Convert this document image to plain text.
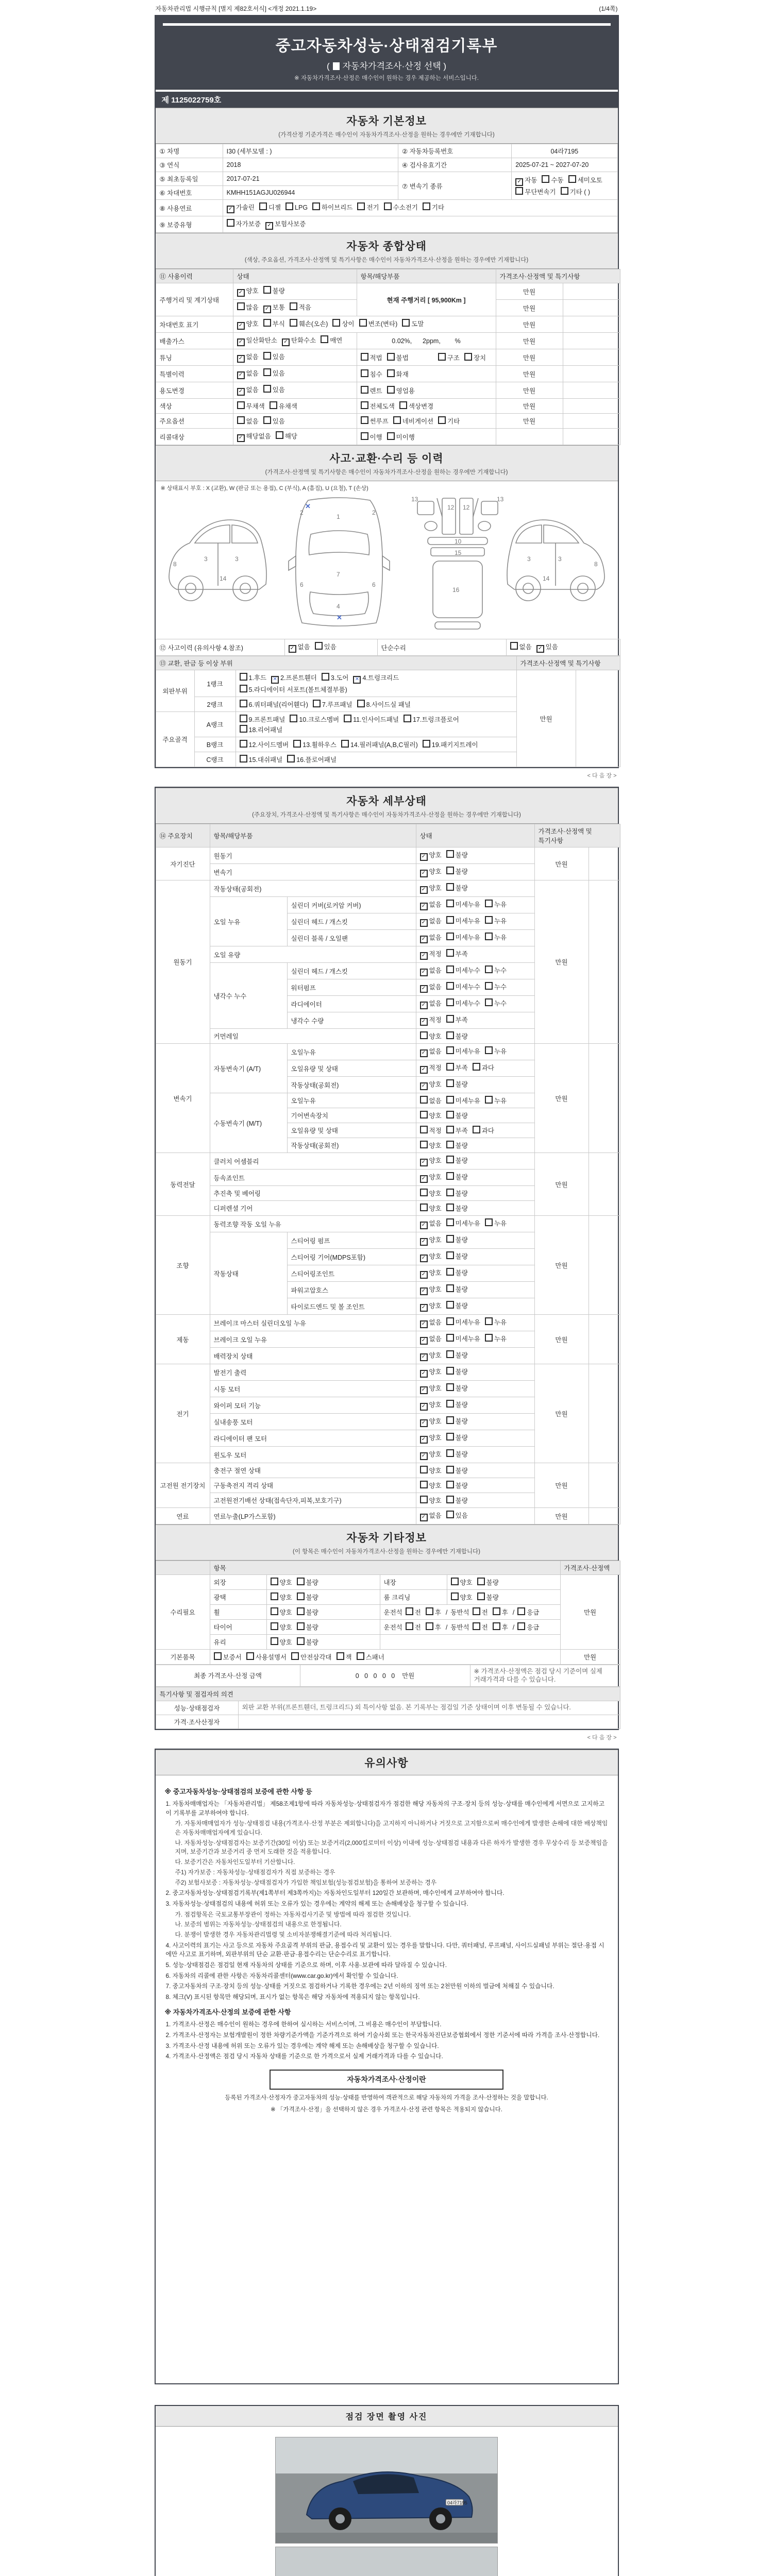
자동차관리법 시행규칙 [별지 제82호서식] <개정 2021.1.19>	(1/4쪽)
중고자동차성능·상태점검기록부
( 자동차가격조사·산정 선택 )
※ 자동차가격조사·산정은 매수인이 원하는 경우 제공하는 서비스입니다.
제 1125022759호
자동차 기본정보
(가격산정 기준가격은 매수인이 자동차가격조사·산정을 원하는 경우에만 기재합니다)
① 차명	I30 (세부모델 : )	② 자동차등록번호	04라7195
③ 연식	2018	④ 검사유효기간	2025-07-21 ~ 2027-07-20
⑤ 최초등록일	2017-07-21	⑦ 변속기 종류	✓자동 수동 세미오토
무단변속기 기타 ( )
⑥ 차대번호	KMHH151AGJU026944		
⑧ 사용연료	✓가솔린 디젤 LPG 하이브리드 전기 수소전기 기타
⑨ 보증유형	자가보증 ✓ 보험사보증
자동차 종합상태
(색상, 주요옵션, 가격조사·산정액 및 특기사항은 매수인이 자동차가격조사·산정을 원하는 경우에만 기재합니다)
⑪ 사용이력	상태	항목/해당부품	가격조사·산정액 및 특기사항	
주행거리 및 계기상태	✓양호 불량	현재 주행거리 [ 95,900Km ]	만원	
	많음 ✓ 보통 적음		만원	
차대번호 표기	✓양호 부식 훼손(오손) 상이 변조(변타) 도말		만원	
배출가스	✓일산화탄소 ✓ 탄화수소 매연	0.02%,      2ppm,        %	만원	
튜닝	✓없음 있음	적법 불법 구조 장치	만원	
특별이력	✓없음 있음	침수 화재	만원	
용도변경	✓없음 있음	렌트 영업용	만원	
색상	무채색 유채색	전체도색 색상변경	만원	
주요옵션	없음 있음	썬루프 네비게이션 기타	만원	
리콜대상	✓해당없음 해당	이행 미이행		
사고·교환·수리 등 이력
(가격조사·산정액 및 특기사항은 매수인이 자동차가격조사·산정을 원하는 경우에만 기재합니다)
※ 상태표시 부호 : X (교환), W (판금 또는 용접), C (부식), A (흠집), U (요철), T (손상)
8
3	3
14
1
7
4
2	2
6	6
✕
✕
13	13
12 12
10
15
16
8
3
3
14
⑫ 사고이력 (유의사항 4.참조)	✓없음 있음	단순수리	없음 ✓ 있음
⑬ 교환, 판금 등 이상 부위			가격조사·산정액 및 특기사항	
외판부위	1랭크	1.후드 ✕ 2.프론트휀더 3.도어 ✕ 4.트렁크리드
5.라디에이터 서포트(볼트체결부품)	만원	
	2랭크	6.쿼터패널(리어휀다) 7.루프패널 8.사이드실 패널		
주요골격	A랭크	9.프론트패널 10.크로스멤버 11.인사이드패널 17.트렁크플로어
18.리어패널		
	B랭크	12.사이드멤버 13.휠하우스 14.필러패널(A,B,C필러) 19.패키지트레이		
	C랭크	15.대쉬패널 16.플로어패널		
< 다 음 장 >
자동차 세부상태
(주요장치, 가격조사·산정액 및 특기사항은 매수인이 자동차가격조사·산정을 원하는 경우에만 기재합니다)
⑭ 주요장치	항목/해당부품		상태	가격조사·산정액 및 특기사항	
자기진단	원동기	✓양호 불량	만원	
	변속기	✓양호 불량
원동기	작동상태(공회전)	✓양호 불량	만원	
	오일 누유	실린더 커버(로커암 커버)	✓없음 미세누유 누유
		실린더 헤드 / 개스킷	✓없음 미세누유 누유
		실린더 블록 / 오일팬	✓없음 미세누유 누유
	오일 유량	✓적정 부족
	냉각수 누수	실린더 헤드 / 개스킷	✓없음 미세누수 누수
		워터펌프	✓없음 미세누수 누수
		라디에이터	✓없음 미세누수 누수
		냉각수 수량	✓적정 부족
	커먼레일		양호 불량		
변속기	자동변속기 (A/T)	오일누유	✓없음 미세누유 누유	만원	
		오일유량 및 상태	✓적정 부족 과다
		작동상태(공회전)	✓양호 불량
	수동변속기 (M/T)	오일누유	없음 미세누유 누유		
		기어변속장치	양호 불량		
		오일유량 및 상태	적정 부족 과다		
		작동상태(공회전)	양호 불량		
동력전달	클러치 어셈블리	✓양호 불량	만원	
	등속죠인트	✓양호 불량
	추진축 및 베어링		양호 불량		
	디퍼렌셜 기어		양호 불량		
조향	동력조향 작동 오일 누유	✓없음 미세누유 누유	만원	
	작동상태	스티어링 펌프	✓양호 불량
		스티어링 기어(MDPS포함)	✓양호 불량
		스티어링조인트	✓양호 불량
		파워고압호스	✓양호 불량
		타이로드엔드 및 볼 조인트	✓양호 불량
제동	브레이크 마스터 실린더오일 누유	✓없음 미세누유 누유	만원	
	브레이크 오일 누유	✓없음 미세누유 누유
	배력장치 상태	✓양호 불량
전기	발전기 출력	✓양호 불량	만원	
	시동 모터	✓양호 불량
	와이퍼 모터 기능	✓양호 불량
	실내송풍 모터	✓양호 불량
	라디에이터 팬 모터	✓양호 불량
	윈도우 모터	✓양호 불량
고전원 전기장치	충전구 절연 상태		양호 불량	만원	
	구동축전지 격리 상태		양호 불량		
	고전원전기배선 상태(접속단자,피복,보호기구)		양호 불량		
연료	연료누출(LP가스포함)	✓없음 있음	만원	
자동차 기타정보
(이 항목은 매수인이 자동차가격조사·산정을 원하는 경우에만 기재합니다)
	항목				가격조사·산정액
수리필요	외장	양호 불량	내장	양호 불량	만원
	광택	양호 불량	룸 크리닝	양호 불량	
	휠	양호 불량	운전석 전 후 / 동반석 전 후 / 응급		
	타이어	양호 불량	운전석 전 후 / 동반석 전 후 / 응급		
	유리	양호 불량			
기본품목	보증서 사용설명서 안전삼각대 잭 스패너				만원
최종 가격조사·산정 금액	0   0   0   0   0    만원	※ 가격조사·산정액은 점검 당시 기준이며 실제 거래가격과 다를 수 있습니다.
특기사항 및 점검자의 의견	
성능·상태점검자	외판 교환 부위(프론트휀더, 트렁크리드) 외 특이사항 없음. 본 기록부는 점검일 기준 상태이며 이후 변동될 수 있습니다.
가격·조사산정자	
< 다 음 장 >
유의사항
※ 중고자동차성능·상태점검의 보증에 관한 사항 등
1. 자동차매매업자는 「자동차관리법」 제58조제1항에 따라 자동차성능·상태점검자가 점검한 해당 자동차의 구조·장치 등의 성능·상태를 매수인에게 서면으로 고지하고 이 기록부를 교부하여야 합니다.
가. 자동차매매업자가 성능·상태점검 내용(가격조사·산정 부분은 제외합니다)을 고지하지 아니하거나 거짓으로 고지함으로써 매수인에게 발생한 손해에 대한 배상책임은 자동차매매업자에게 있습니다.
나. 자동차성능·상태점검자는 보증기간(30일 이상) 또는 보증거리(2,000킬로미터 이상) 이내에 성능·상태점검 내용과 다른 하자가 발생한 경우 무상수리 등 보증책임을 지며, 보증기간과 보증거리 중 먼저 도래한 것을 적용합니다.
다. 보증기간은 자동차인도일부터 기산합니다.
주1) 자가보증 : 자동차성능·상태점검자가 직접 보증하는 경우
주2) 보험사보증 : 자동차성능·상태점검자가 가입한 책임보험(성능점검보험)을 통하여 보증하는 경우
2. 중고자동차성능·상태점검기록부(제1쪽부터 제3쪽까지)는 자동차인도일부터 120일간 보관하며, 매수인에게 교부하여야 합니다.
3. 자동차성능·상태점검의 내용에 허위 또는 오류가 있는 경우에는 계약의 해제 또는 손해배상을 청구할 수 있습니다.
가. 점검항목은 국토교통부장관이 정하는 자동차검사기준 및 방법에 따라 점검한 것입니다.
나. 보증의 범위는 자동차성능·상태점검의 내용으로 한정됩니다.
다. 분쟁이 발생한 경우 자동차관리법령 및 소비자분쟁해결기준에 따라 처리됩니다.
4. 사고이력의 표기는 사고 등으로 자동차 주요골격 부위의 판금, 용접수리 및 교환이 있는 경우를 말합니다. 다만, 쿼터패널, 루프패널, 사이드실패널 부위는 절단·용접 시에만 사고로 표기하며, 외판부위의 단순 교환·판금·용접수리는 단순수리로 표기합니다.
5. 성능·상태점검은 점검일 현재 자동차의 상태를 기준으로 하며, 이후 사용·보관에 따라 달라질 수 있습니다.
6. 자동차의 리콜에 관한 사항은 자동차리콜센터(www.car.go.kr)에서 확인할 수 있습니다.
7. 중고자동차의 구조·장치 등의 성능·상태를 거짓으로 점검하거나 기록한 경우에는 2년 이하의 징역 또는 2천만원 이하의 벌금에 처해질 수 있습니다.
8. 체크(V) 표시된 항목만 해당되며, 표시가 없는 항목은 해당 자동차에 적용되지 않는 항목입니다.
※ 자동차가격조사·산정의 보증에 관한 사항
1. 가격조사·산정은 매수인이 원하는 경우에 한하여 실시하는 서비스이며, 그 비용은 매수인이 부담합니다.
2. 가격조사·산정자는 보험개발원이 정한 차량기준가액을 기준가격으로 하여 기술사회 또는 한국자동차진단보증협회에서 정한 기준서에 따라 가격을 조사·산정합니다.
3. 가격조사·산정 내용에 허위 또는 오류가 있는 경우에는 계약 해제 또는 손해배상을 청구할 수 있습니다.
4. 가격조사·산정액은 점검 당시 자동차 상태를 기준으로 한 가격으로서 실제 거래가격과 다를 수 있습니다.
자동차가격조사·산정이란
등록된 가격조사·산정자가 중고자동차의 성능·상태를 반영하여 객관적으로 해당 자동차의 가격을 조사·산정하는 것을 말합니다.
※ 「가격조사·산정」을 선택하지 않은 경우 가격조사·산정 관련 항목은 적용되지 않습니다.
점검 장면 촬영 사진
04라7195
